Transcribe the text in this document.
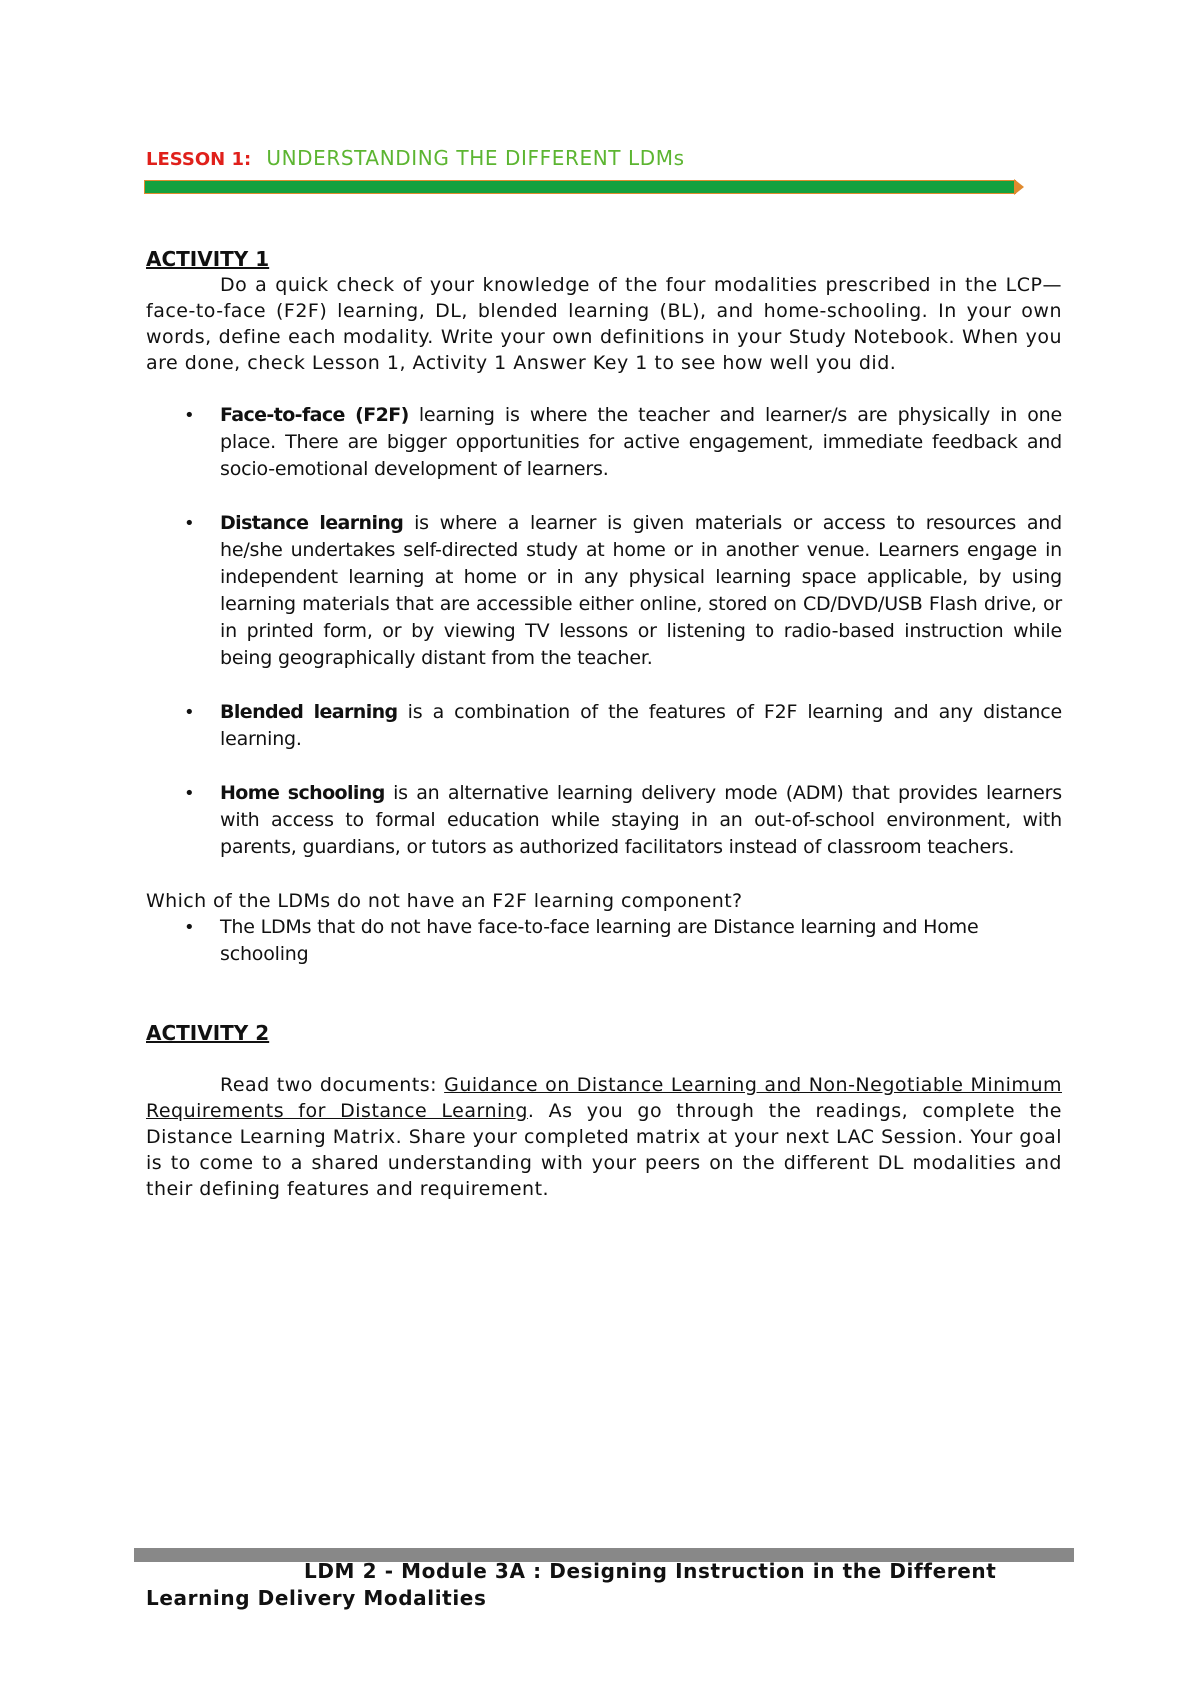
LESSON 1: UNDERSTANDING THE DIFFERENT LDMs
ACTIVITY 1

Do a quick check of your knowledge of the four modalities prescribed in the LCP—face-to-face (F2F) learning, DL, blended learning (BL), and home-schooling. In your own words, define each modality. Write your own definitions in your Study Notebook. When you are done, check Lesson 1, Activity 1 Answer Key 1 to see how well you did.

• Face-to-face (F2F) learning is where the teacher and learner/s are physically in one place. There are bigger opportunities for active engagement, immediate feedback and socio-emotional development of learners.
• Distance learning is where a learner is given materials or access to resources and he/she undertakes self-directed study at home or in another venue. Learners engage in independent learning at home or in any physical learning space applicable, by using learning materials that are accessible either online, stored on CD/DVD/USB Flash drive, or in printed form, or by viewing TV lessons or listening to radio-based instruction while being geographically distant from the teacher.
• Blended learning is a combination of the features of F2F learning and any distance learning.
• Home schooling is an alternative learning delivery mode (ADM) that provides learners with access to formal education while staying in an out-of-school environment, with parents, guardians, or tutors as authorized facilitators instead of classroom teachers.

Which of the LDMs do not have an F2F learning component?

• The LDMs that do not have face-to-face learning are Distance learning and Home schooling
ACTIVITY 2

Read two documents: Guidance on Distance Learning and Non-Negotiable Minimum Requirements for Distance Learning. As you go through the readings, complete the Distance Learning Matrix. Share your completed matrix at your next LAC Session. Your goal is to come to a shared understanding with your peers on the different DL modalities and their defining features and requirement.

LDM 2 - Module 3A : Designing Instruction in the Different Learning Delivery Modalities
